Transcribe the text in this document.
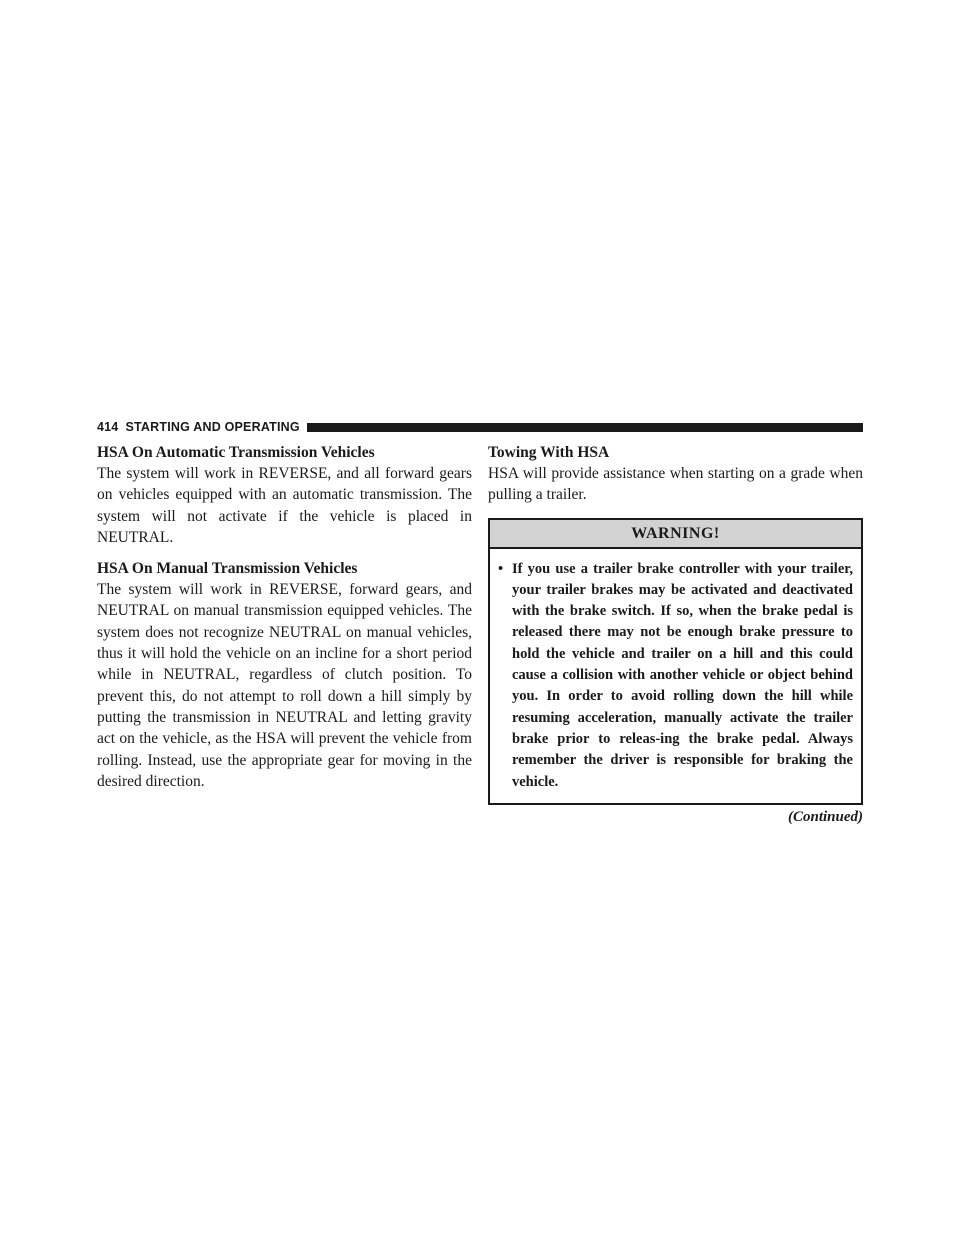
414 STARTING AND OPERATING
HSA On Automatic Transmission Vehicles

The system will work in REVERSE, and all forward gears on vehicles equipped with an automatic transmission. The system will not activate if the vehicle is placed in NEUTRAL.

HSA On Manual Transmission Vehicles

The system will work in REVERSE, forward gears, and NEUTRAL on manual transmission equipped vehicles. The system does not recognize NEUTRAL on manual vehicles, thus it will hold the vehicle on an incline for a short period while in NEUTRAL, regardless of clutch position. To prevent this, do not attempt to roll down a hill simply by putting the transmission in NEUTRAL and letting gravity act on the vehicle, as the HSA will prevent the vehicle from rolling. Instead, use the appropriate gear for moving in the desired direction.

Towing With HSA

HSA will provide assistance when starting on a grade when pulling a trailer.

WARNING!
• If you use a trailer brake controller with your trailer, your trailer brakes may be activated and deactivated with the brake switch. If so, when the brake pedal is released there may not be enough brake pressure to hold the vehicle and trailer on a hill and this could cause a collision with another vehicle or object behind you. In order to avoid rolling down the hill while resuming acceleration, manually activate the trailer brake prior to releas-ing the brake pedal. Always remember the driver is responsible for braking the vehicle.
(Continued)
